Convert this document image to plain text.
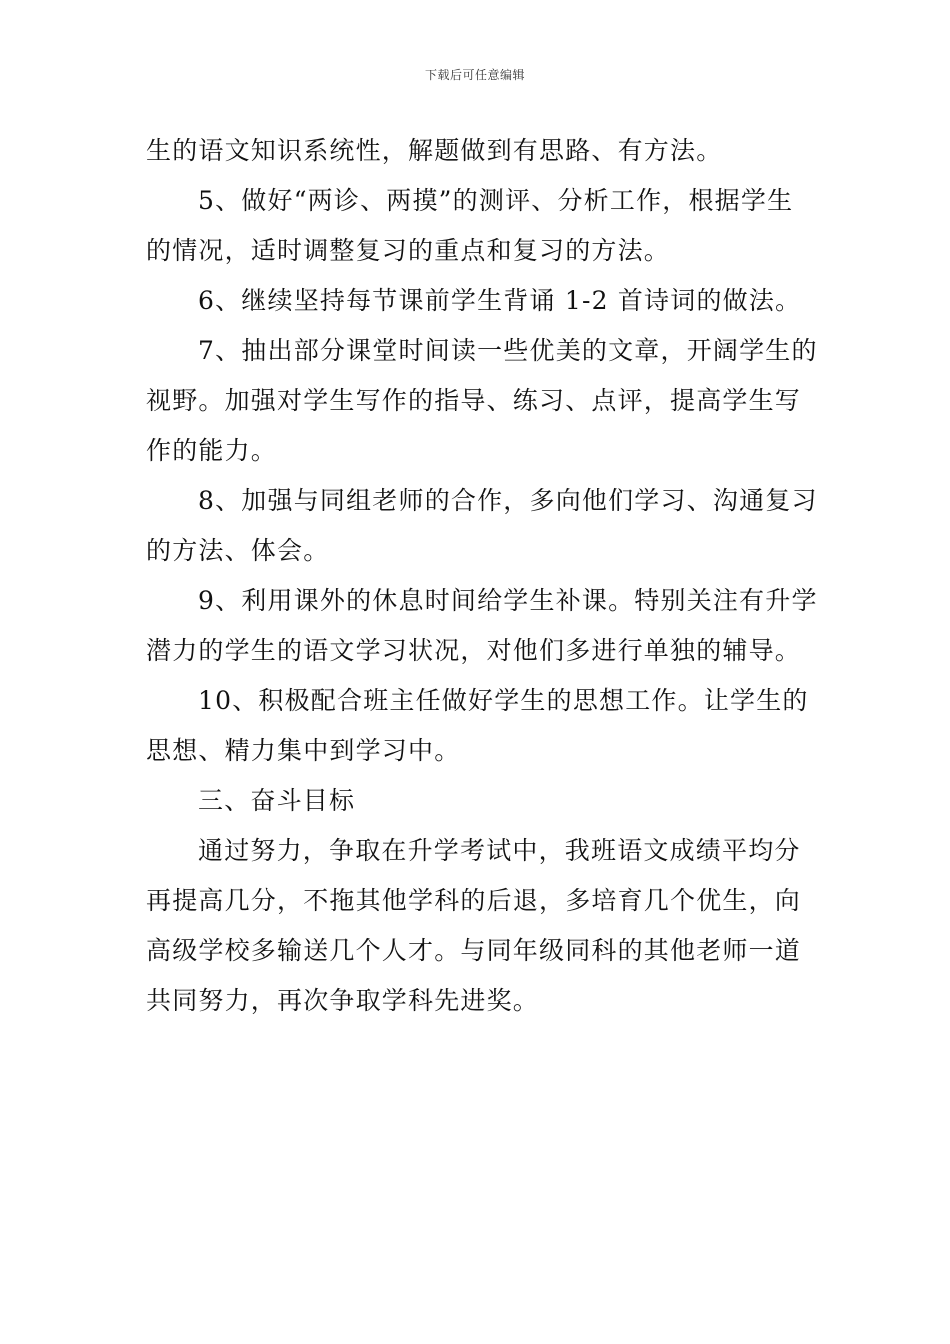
下载后可任意编辑
生的语文知识系统性，解题做到有思路、有方法。
5、做好“两诊、两摸”的测评、分析工作，根据学生
的情况，适时调整复习的重点和复习的方法。
6、继续坚持每节课前学生背诵 1-2 首诗词的做法。
7、抽出部分课堂时间读一些优美的文章，开阔学生的
视野。加强对学生写作的指导、练习、点评，提高学生写
作的能力。
8、加强与同组老师的合作，多向他们学习、沟通复习
的方法、体会。
9、利用课外的休息时间给学生补课。特别关注有升学
潜力的学生的语文学习状况，对他们多进行单独的辅导。
10、积极配合班主任做好学生的思想工作。让学生的
思想、精力集中到学习中。
三、奋斗目标
通过努力，争取在升学考试中，我班语文成绩平均分
再提高几分，不拖其他学科的后退，多培育几个优生，向
高级学校多输送几个人才。与同年级同科的其他老师一道
共同努力，再次争取学科先进奖。
